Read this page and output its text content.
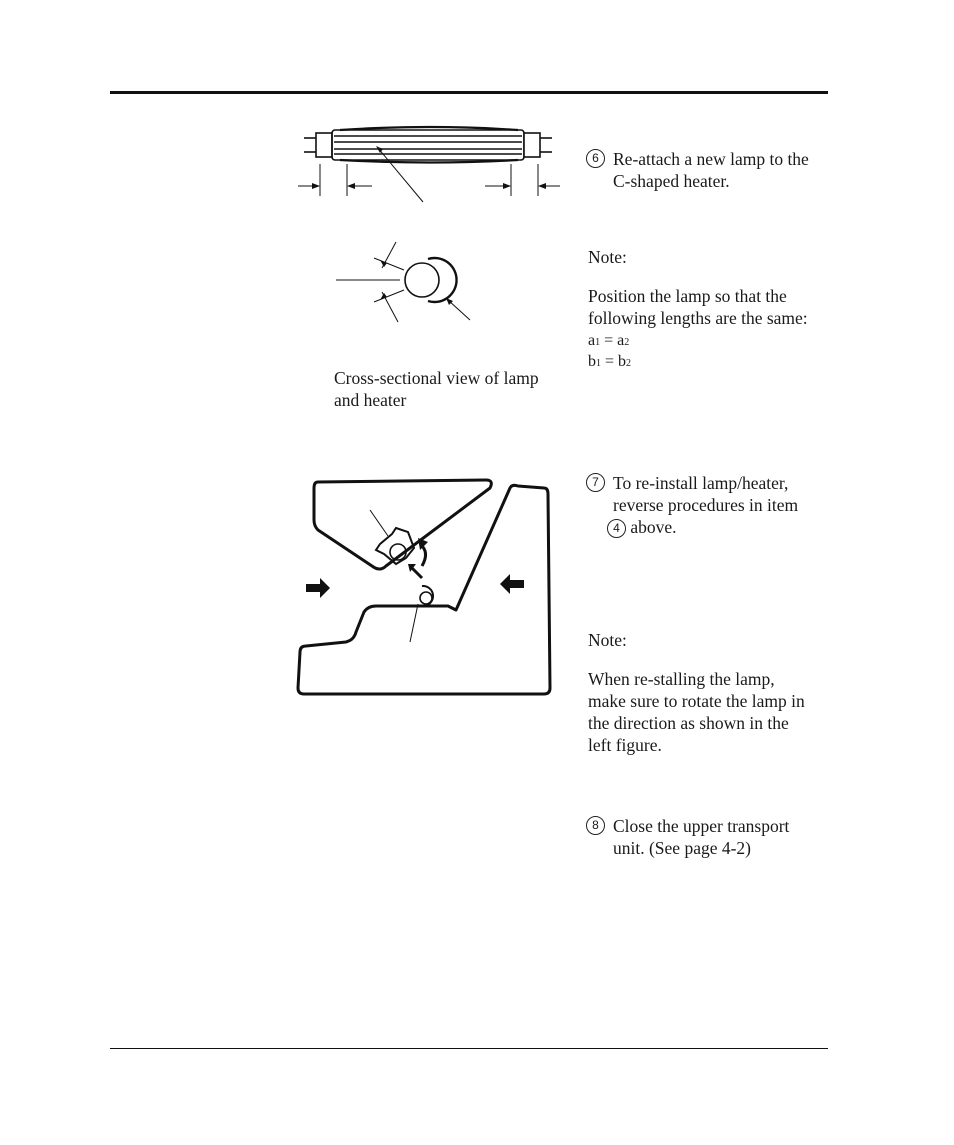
Cross-sectional view of lamp
and heater
6 Re-attach a new lamp to the
C-shaped heater.
Note:
Position the lamp so that the
following lengths are the same:
a1 = a2
b1 = b2
7 To re-install lamp/heater,
reverse procedures in item
4 above.
Note:
When re-stalling the lamp,
make sure to rotate the lamp in
the direction as shown in the
left figure.
8 Close the upper transport
unit. (See page 4-2)
